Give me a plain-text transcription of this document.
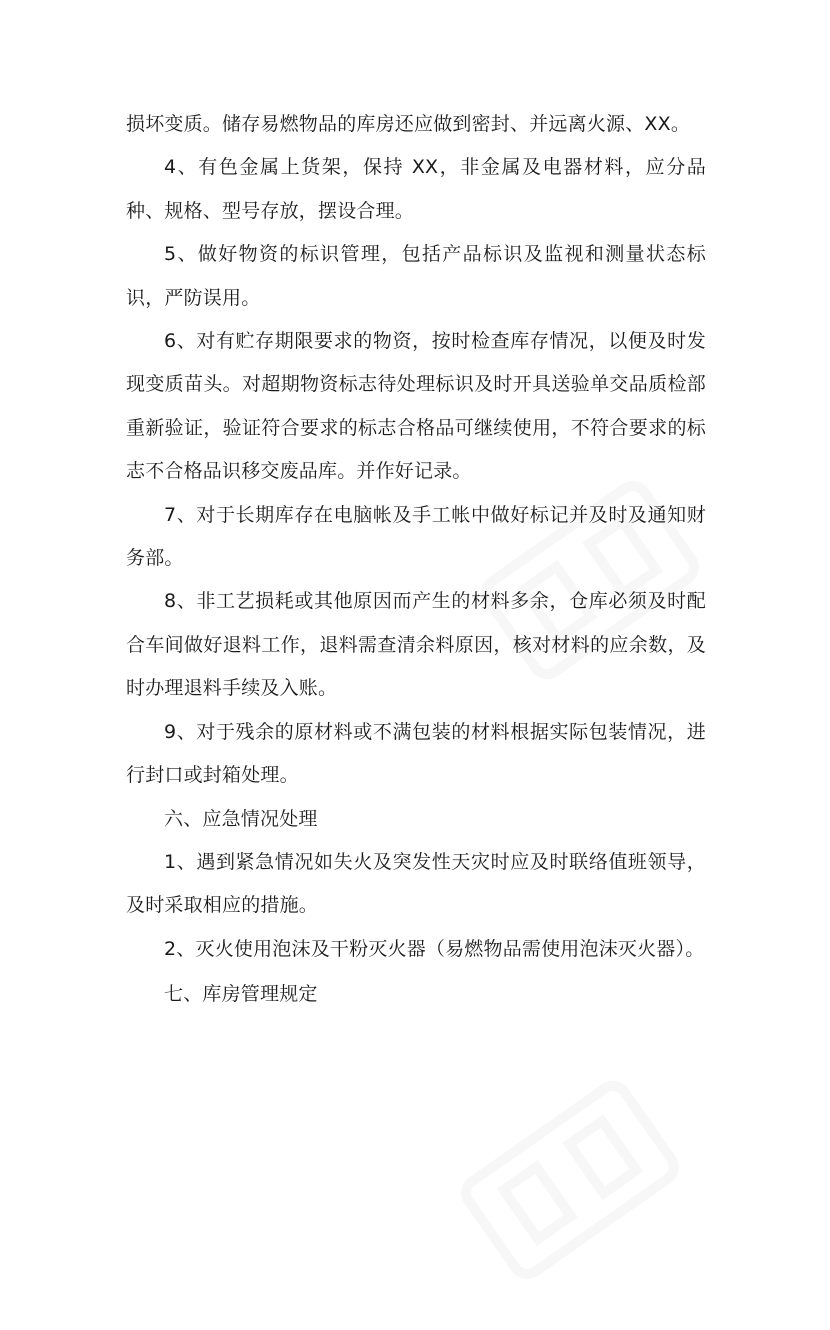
损坏变质。储存易燃物品的库房还应做到密封、并远离火源、XX。

4、有色金属上货架，保持 XX，非金属及电器材料，应分品种、规格、型号存放，摆设合理。

5、做好物资的标识管理，包括产品标识及监视和测量状态标识，严防误用。

6、对有贮存期限要求的物资，按时检查库存情况，以便及时发现变质苗头。对超期物资标志待处理标识及时开具送验单交品质检部重新验证，验证符合要求的标志合格品可继续使用，不符合要求的标志不合格品识移交废品库。并作好记录。

7、对于长期库存在电脑帐及手工帐中做好标记并及时及通知财务部。

8、非工艺损耗或其他原因而产生的材料多余，仓库必须及时配合车间做好退料工作，退料需查清余料原因，核对材料的应余数，及时办理退料手续及入账。

9、对于残余的原材料或不满包装的材料根据实际包装情况，进行封口或封箱处理。

六、应急情况处理

1、遇到紧急情况如失火及突发性天灾时应及时联络值班领导，及时采取相应的措施。

2、灭火使用泡沫及干粉灭火器（易燃物品需使用泡沫灭火器）。

七、库房管理规定
